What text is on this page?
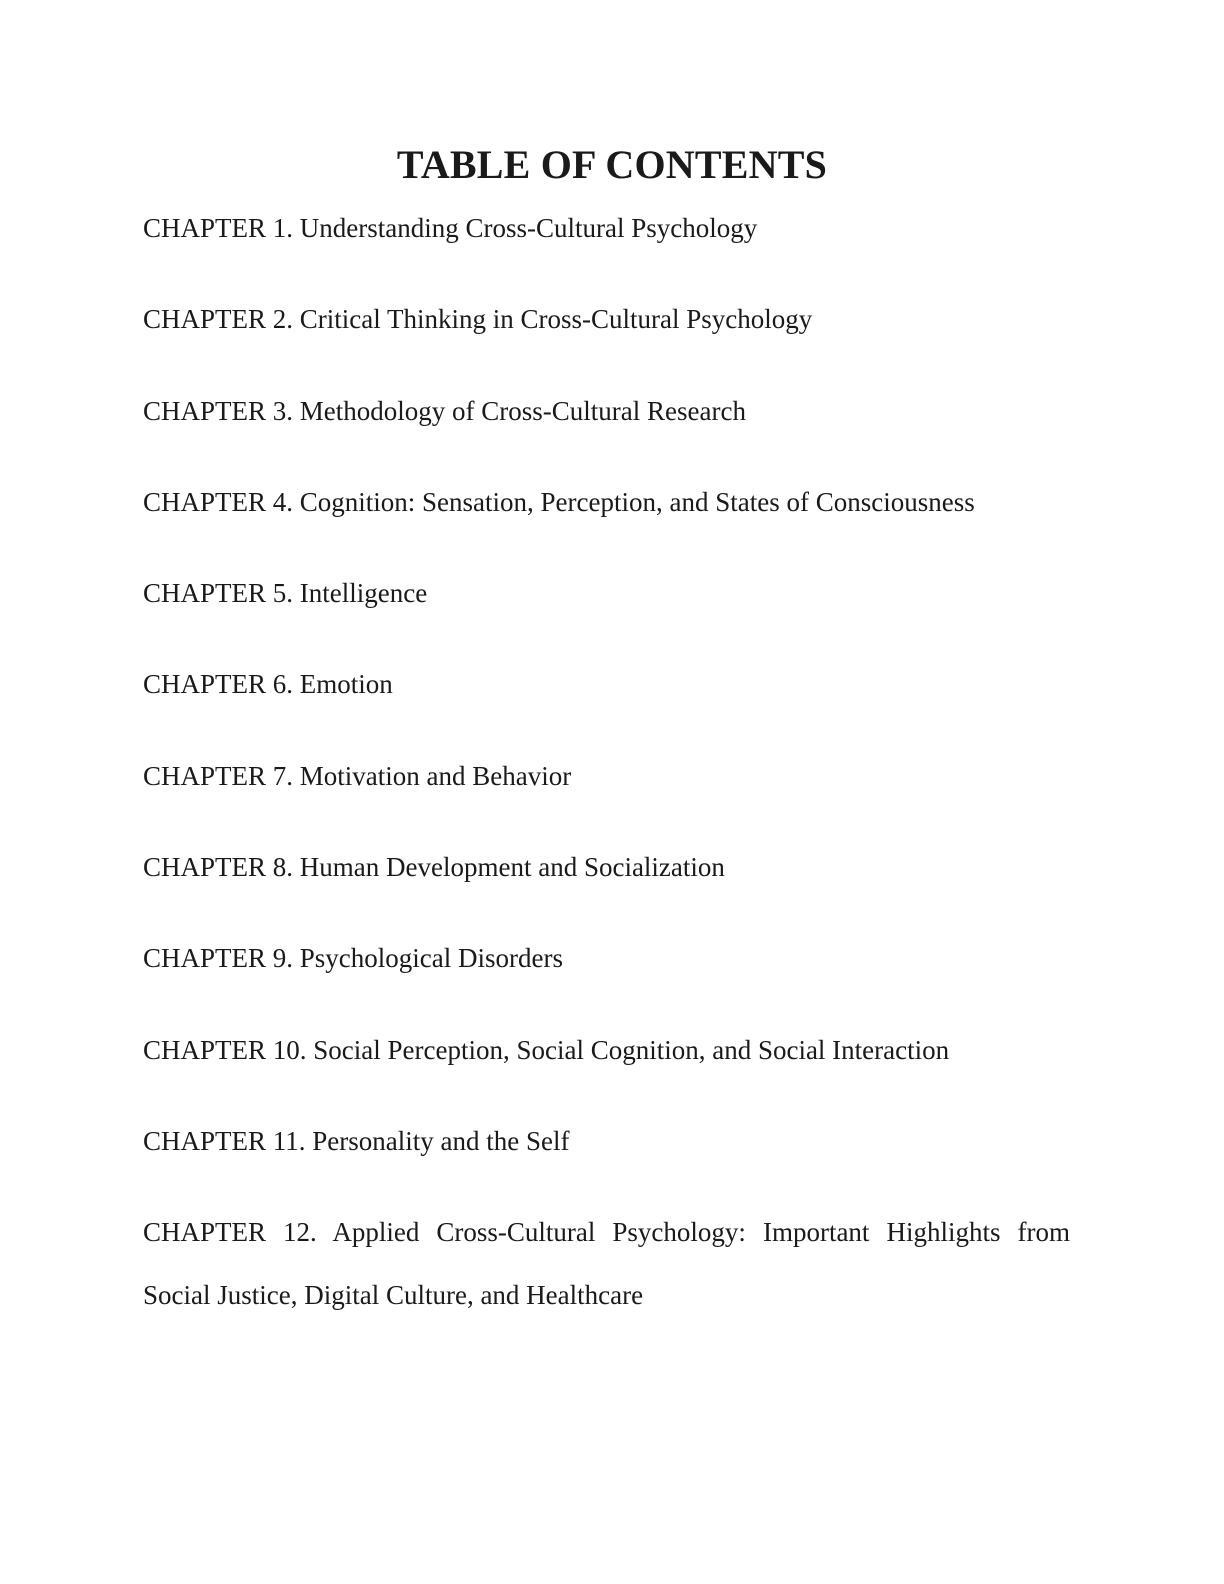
TABLE OF CONTENTS
CHAPTER 1. Understanding Cross-Cultural Psychology
CHAPTER 2. Critical Thinking in Cross-Cultural Psychology
CHAPTER 3. Methodology of Cross-Cultural Research
CHAPTER 4. Cognition: Sensation, Perception, and States of Consciousness
CHAPTER 5. Intelligence
CHAPTER 6. Emotion
CHAPTER 7. Motivation and Behavior
CHAPTER 8. Human Development and Socialization
CHAPTER 9. Psychological Disorders
CHAPTER 10. Social Perception, Social Cognition, and Social Interaction
CHAPTER 11. Personality and the Self
CHAPTER 12. Applied Cross-Cultural Psychology: Important Highlights from Social Justice, Digital Culture, and Healthcare
